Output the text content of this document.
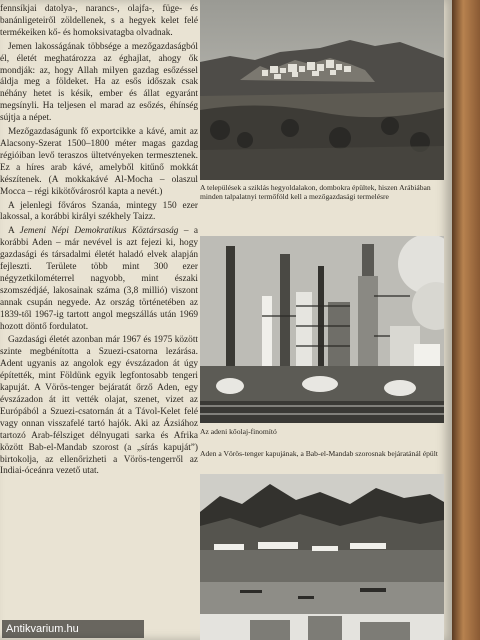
fennsíkjai datolya-, narancs-, olajfa-, füge- és banánligeteiről zöldellenek, s a hegyek kelet felé termékeiken kő- és homoksivatagba olvadnak.

Jemen lakosságának többsége a mezőgazdaságból él, életét meghatározza az éghajlat, ahogy ők mondják: az, hogy Allah milyen gazdag esőzéssel áldja meg a földeket. Ha az esős időszak csak néhány hetet is késik, ember és állat egyaránt megsínyli. Ha teljesen el marad az esőzés, éhínség sújtja a népet.

Mezőgazdaságunk fő exportcikke a kávé, amit az Alacsony-Szerat 1500–1800 méter magas gazdag régióiban levő teraszos ültetvényeken termesztenek. Ez a híres arab kávé, amelyből kitűnő mokkát készítenek. (A mokkakávé Al-Mocha – olaszul Mocca – régi kikötővárosról kapta a nevét.)

A jelenlegi főváros Szanáa, mintegy 150 ezer lakossal, a korábbi királyi székhely Taizz.

A Jemeni Népi Demokratikus Köztársaság – a korábbi Aden – már nevével is azt fejezi ki, hogy gazdasági és társadalmi életét haladó elvek alapján fejleszti. Területe több mint 300 ezer négyzetkilométerrel nagyobb, mint északi szomszédjáé, lakosainak száma (3,8 millió) viszont annak csupán negyede. Az ország történetében az 1839-től 1967-ig tartott angol megszállás után 1969 hozott döntő fordulatot.

Gazdasági életét azonban már 1967 és 1975 között szinte megbénította a Szuezi-csatorna lezárása. Adent ugyanis az angolok egy évszázadon át úgy építették, mint Földünk egyik legfontosabb tengeri kapuját. A Vörös-tenger bejáratát őrző Aden, egy évszázadon át itt vették olajat, szenet, vizet az Európából a Szuezi-csatornán át a Távol-Kelet felé vagy onnan visszafelé tartó hajók. Aki az Ázsiához tartozó Arab-félsziget délnyugati sarka és Afrika között Bab-el-Mandab szorost (a „sírás kapuját”) birtokolja, az ellenőrizheti a Vörös-tengerről az Indiai-óceánra vezető utat.

A települések a sziklás hegyoldalakon, dombokra épültek, hiszen Arábiában minden talpalatnyi termőföld kell a mezőgazdasági termelésre
Az adeni kőolaj-finomító
Aden a Vörös-tenger kapujának, a Bab-el-Mandab szorosnak bejáratánál épült
Antikvarium.hu
